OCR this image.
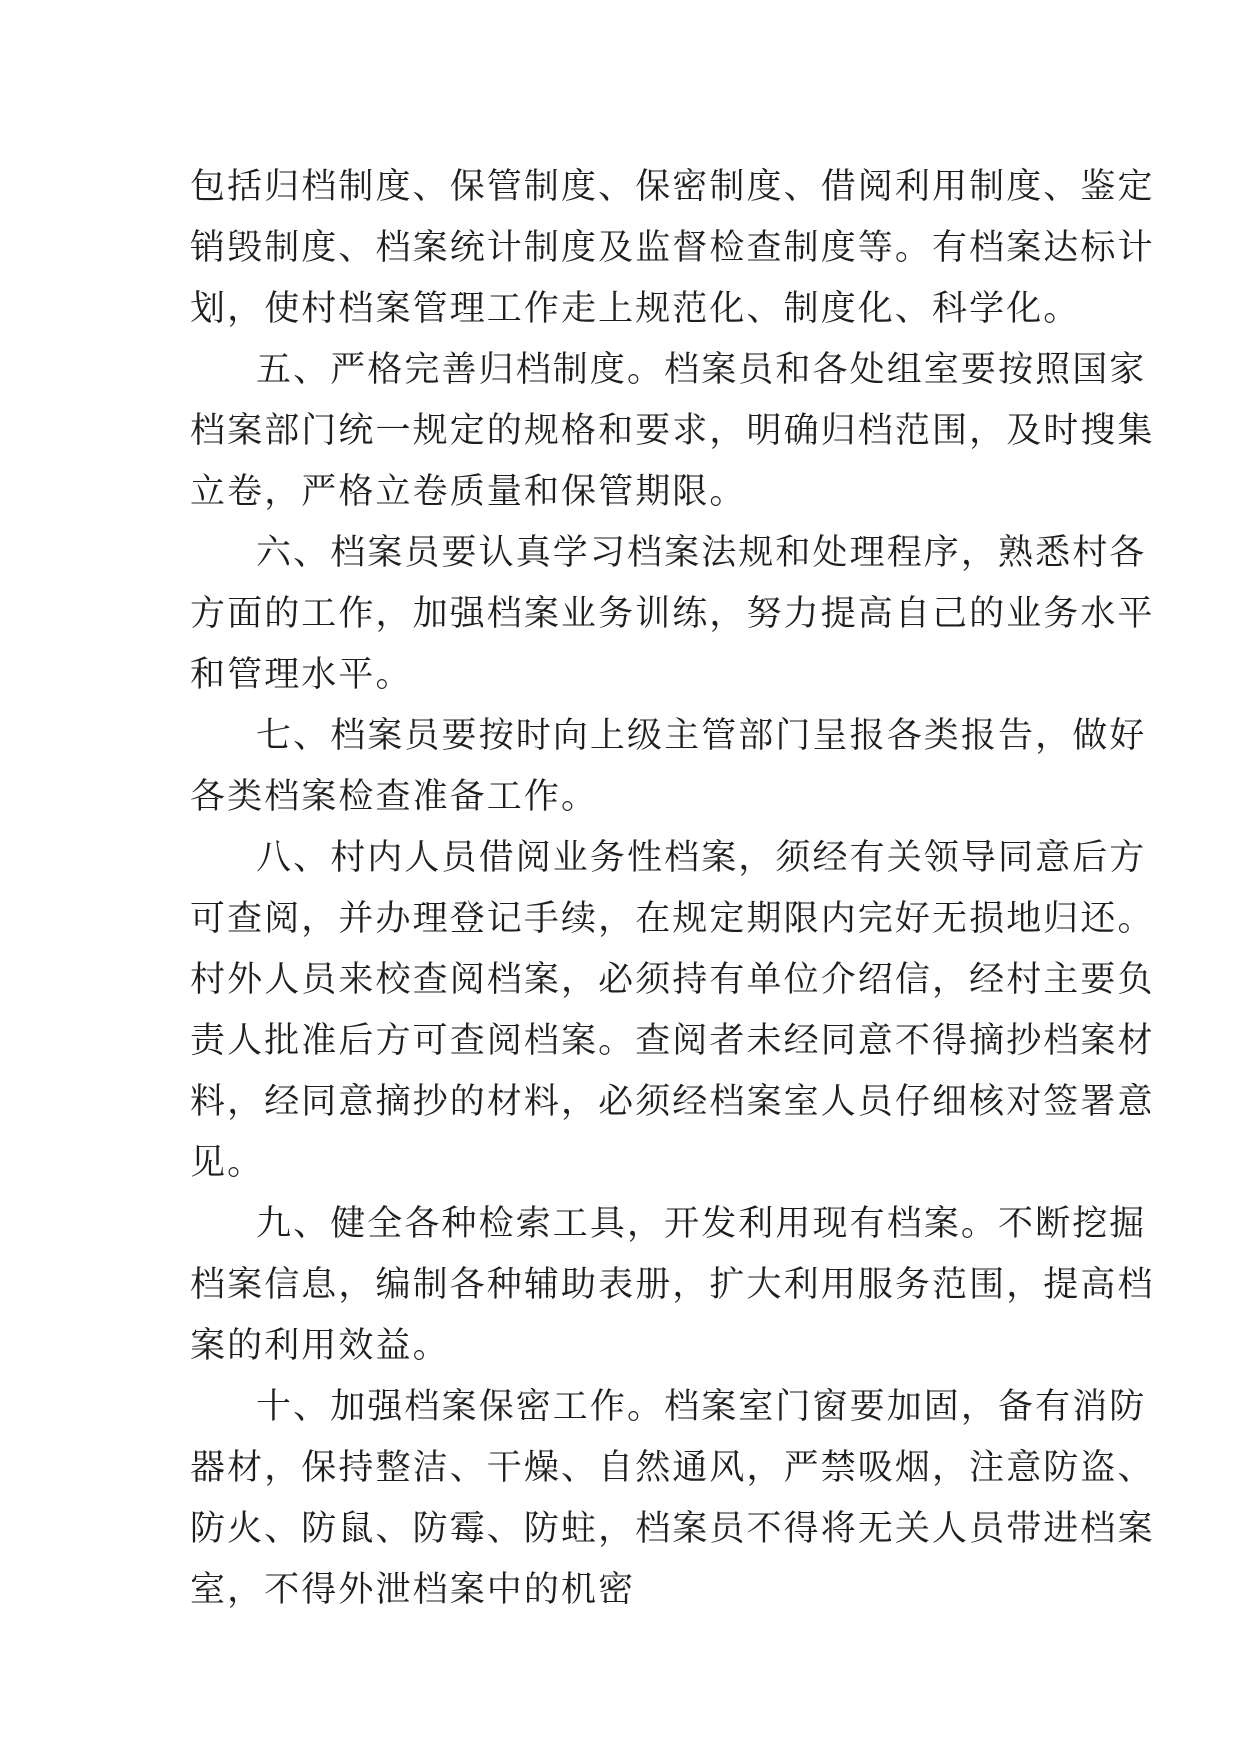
包括归档制度、保管制度、保密制度、借阅利用制度、鉴定
销毁制度、档案统计制度及监督检查制度等。有档案达标计
划，使村档案管理工作走上规范化、制度化、科学化。

五、严格完善归档制度。档案员和各处组室要按照国家
档案部门统一规定的规格和要求，明确归档范围，及时搜集
立卷，严格立卷质量和保管期限。

六、档案员要认真学习档案法规和处理程序，熟悉村各
方面的工作，加强档案业务训练，努力提高自己的业务水平
和管理水平。

七、档案员要按时向上级主管部门呈报各类报告，做好
各类档案检查准备工作。

八、村内人员借阅业务性档案，须经有关领导同意后方
可查阅，并办理登记手续，在规定期限内完好无损地归还。
村外人员来校查阅档案，必须持有单位介绍信，经村主要负
责人批准后方可查阅档案。查阅者未经同意不得摘抄档案材
料，经同意摘抄的材料，必须经档案室人员仔细核对签署意
见。

九、健全各种检索工具，开发利用现有档案。不断挖掘
档案信息，编制各种辅助表册，扩大利用服务范围，提高档
案的利用效益。

十、加强档案保密工作。档案室门窗要加固，备有消防
器材，保持整洁、干燥、自然通风，严禁吸烟，注意防盗、
防火、防鼠、防霉、防蛀，档案员不得将无关人员带进档案
室，不得外泄档案中的机密
